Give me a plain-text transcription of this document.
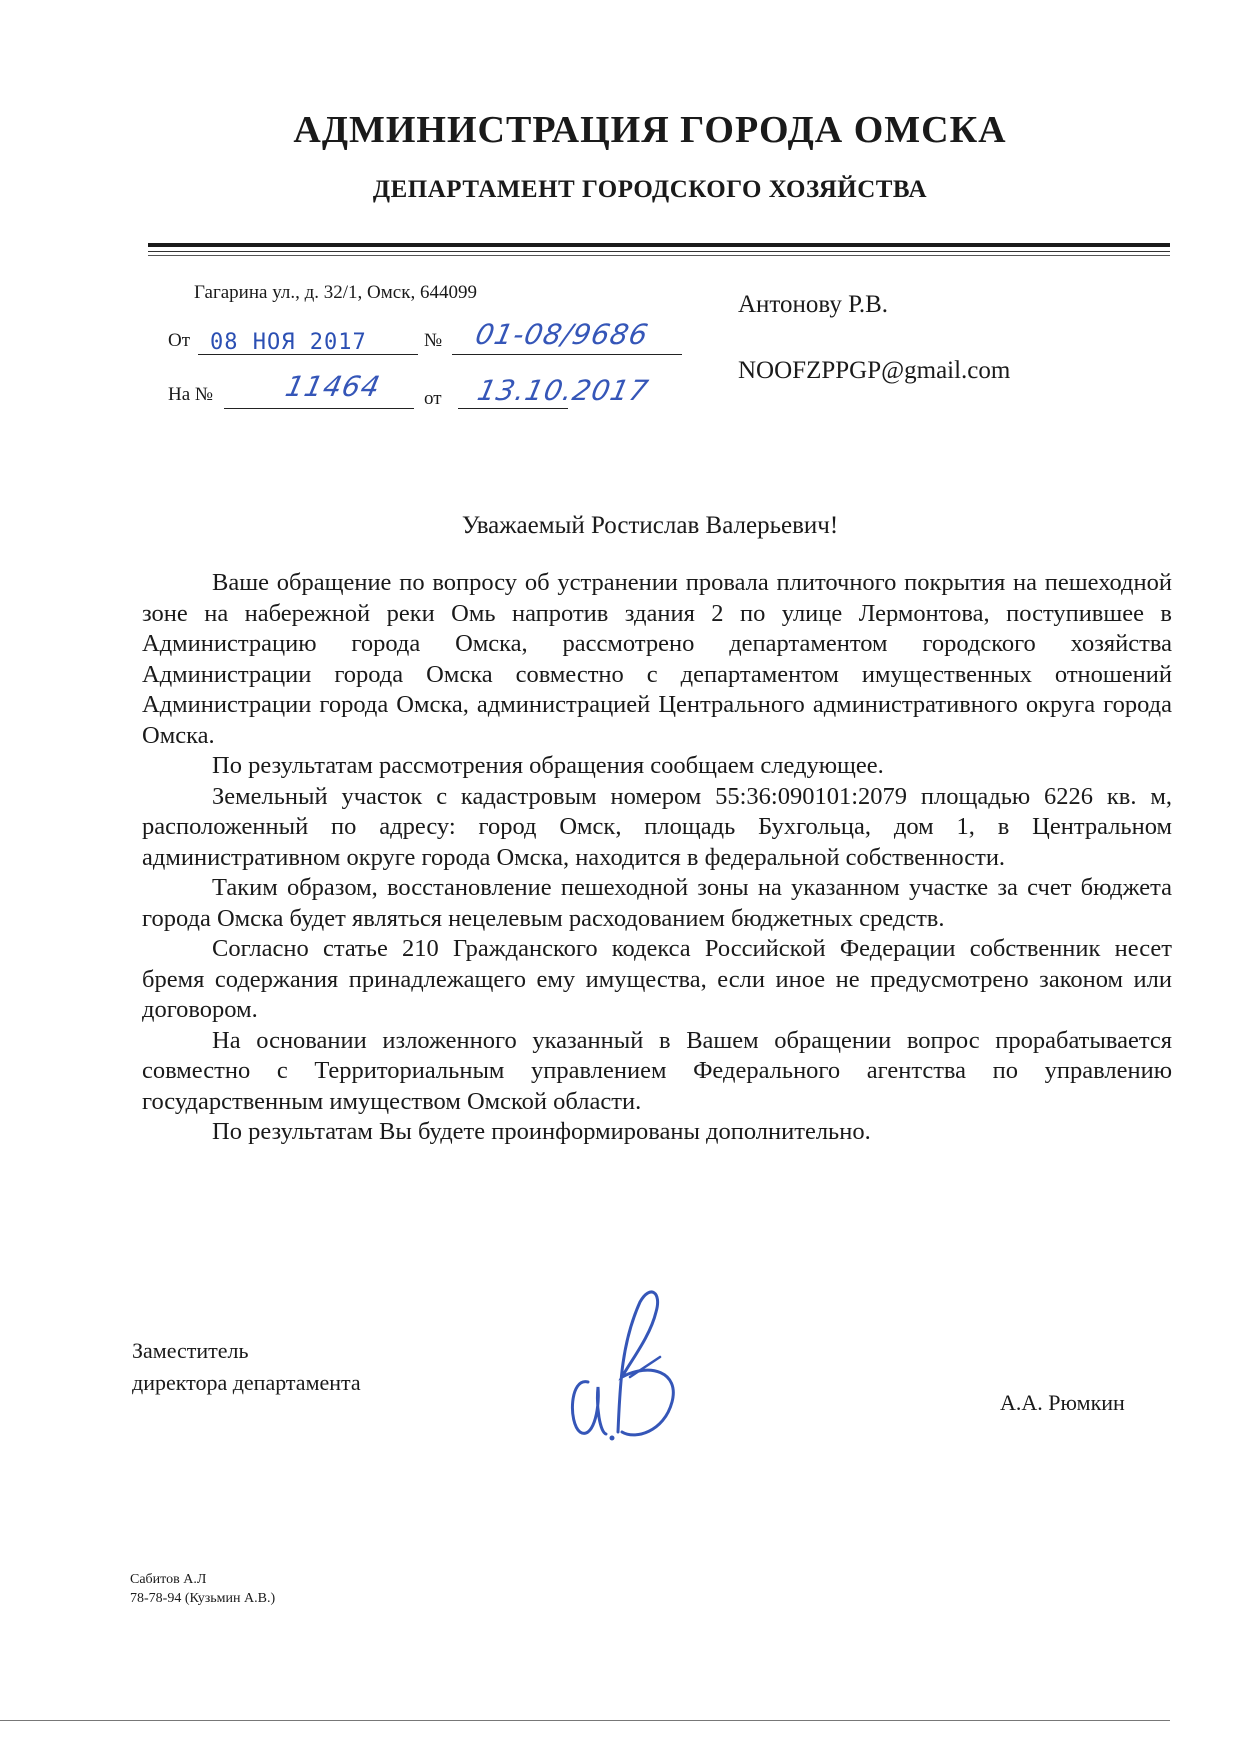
АДМИНИСТРАЦИЯ ГОРОДА ОМСКА
ДЕПАРТАМЕНТ ГОРОДСКОГО ХОЗЯЙСТВА
Гагарина ул., д. 32/1, Омск, 644099
От 08 НОЯ 2017	№ 01-08/9686
На № 11464 от 13.10.2017
Антонову Р.В.
NOOFZPPGP@gmail.com
Уважаемый Ростислав Валерьевич!

Ваше обращение по вопросу об устранении провала плиточного покрытия на пешеходной зоне на набережной реки Омь напротив здания 2 по улице Лермонтова, поступившее в Администрацию города Омска, рассмотрено департаментом городского хозяйства Администрации города Омска совместно с департаментом имущественных отношений Администрации города Омска, администрацией Центрального административного округа города Омска.

По результатам рассмотрения обращения сообщаем следующее.

Земельный участок с кадастровым номером 55:36:090101:2079 площадью 6226 кв. м, расположенный по адресу: город Омск, площадь Бухгольца, дом 1, в Центральном административном округе города Омска, находится в федеральной собственности.

Таким образом, восстановление пешеходной зоны на указанном участке за счет бюджета города Омска будет являться нецелевым расходованием бюджетных средств.

Согласно статье 210 Гражданского кодекса Российской Федерации собственник несет бремя содержания принадлежащего ему имущества, если иное не предусмотрено законом или договором.

На основании изложенного указанный в Вашем обращении вопрос прорабатывается совместно с Территориальным управлением Федерального агентства по управлению государственным имуществом Омской области.

По результатам Вы будете проинформированы дополнительно.

Заместитель
директора департамента
А.А. Рюмкин
Сабитов А.Л
78-78-94 (Кузьмин А.В.)
